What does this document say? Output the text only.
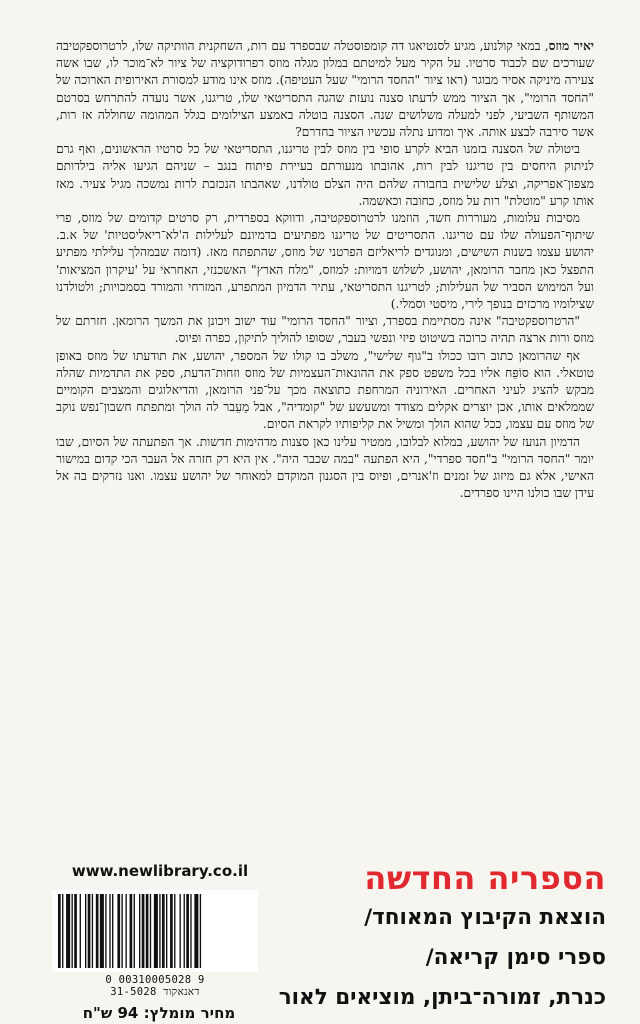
יאיר מוזס, במאי קולנוע, מגיע לסנטיאגו דה קומפוסטלה שבספרד עם רות, השחקנית הוותיקה שלו, לרטרוספקטיבה שעורכים שם לכבוד סרטיו. על הקיר מעל למיטתם במלון מגלה מוזס רפרודוקציה של ציור לא־מוכר לו, שבו אשה צעירה מיניקה אסיר מבוגר (ראו ציור "החסד הרומי" שעל העטיפה). מוזס אינו מודע למסורת האירופית הארוכה של "החסד הרומי", אך הציור ממש לדעתו סצנה נועזת שהגה התסריטאי שלו, טריגנו, אשר נועדה להתרחש בסרטם המשותף השביעי, לפני למעלה משלושים שנה. הסצנה בוטלה באמצע הצילומים בגלל המהומה שחוללה אז רות, אשר סירבה לבצע אותה. איך ומדוע נתלה עכשיו הציור בחדרם?

ביטולה של הסצנה בזמנו הביא לקרע סופי בין מוזס לבין טריגנו, התסריטאי של כל סרטיו הראשונים, ואף גרם לניתוק היחסים בין טריגנו לבין רות, אהובתו מנעורתם בעיירת פיתוח בנגב – שניהם הגיעו אליה בילדותם מצפון־אפריקה, וצלע שלישית בחבורה שלהם היה הצלם טולדנו, שאהבתו הנכזבת לרות נמשכה מגיל צעיר. מאז אותו קרע "מוטלת" רות על מוזס, כחובה וכאשמה.

מסיבות עלומות, מעוררות חשד, הוזמנו לרטרוספקטיבה, ודווקא בספרדית, רק סרטים קדומים של מוזס, פרי שיתוף־הפעולה שלו עם טריגנו. התסריטים של טריגנו מפתיעים בדמיונם לעלילות ה'לא־ריאליסטיות' של א.ב. יהושע עצמו בשנות השישים, ומנוגדים לריאליזם הפרטני של מוזס, שהתפתח מאז. (דומה שבמהלך עלילתי מפתיע התפצל כאן מחבר הרומאן, יהושע, לשלוש דמויות: למוזס, "מלח הארץ" האשכנזי, האחראי על 'עיקרון המציאות' ועל המימוש הסביר של העלילות; לטריגנו התסריטאי, עתיר הדמיון המתפרע, המזרחי והמורד בסמכויות; ולטולדנו שצילומיו מרכזים בנופך לירי, מיסטי וסמלי.)

"הרטרוספקטיבה" אינה מסתיימת בספרד, וציור "החסד הרומי" עוד ישוב ויכונן את המשך הרומאן. חזרתם של מוזס ורות ארצה תהיה כרוכה בשיטוט פיזי ונפשי בעבר, שסופו להוליך לתיקון, כפרה ופיוס.

אף שהרומאן כתוב רובו ככולו ב"גוף שלישי", משלב בו קולו של המספר, יהושע, את תודעתו של מוזס באופן טוטאלי. הוא סוֹפֵּח אליו בכל משפט ספק את ההונאות־העצמיות של מוזס וזחות־הדעת, ספק את התדמיות שהלה מבקש להציג לעיני האחרים. האירוניה המרחפת כתוצאה מכך על־פני הרומאן, והדיאלוגים והמצבים הקומיים שממלאים אותו, אכן יוצרים אקלים מצודד ומשעשע של "קומדיה", אבל מֵעֵבר לה הולך ומתפתח חשבון־נפש נוקב של מוזס עם עצמו, ככל שהוא הולך ומשיל את קליפותיו לקראת הסיום.

הדמיון הנועז של יהושע, במלוא לבלובו, ממטיר עלינו כאן סצנות מדהימות חדשות. אך הפתעתה של הסיום, שבו יומר "החסד הרומי" ב"חסד ספרדי", היא הפתעה "במה שכבר היה". אין היא רק חזרה אל העבר הכי קדום במישור האישי, אלא גם מיזוג של זמנים וז'אנרים, ופיוס בין הסגנון המוקדם למאוחר של יהושע עצמו. ואנו נזרקים בה אל עידן שבו כולנו היינו ספרדים.

הספריה החדשה
הוצאת הקיבוץ המאוחד/
ספרי סימן קריאה/
כנרת, זמורה־ביתן, מוציאים לאור
www.newlibrary.co.il
0 00310005028 9
31-5028 דאנאקוד
מחיר מומלץ: 94 ש"ח
